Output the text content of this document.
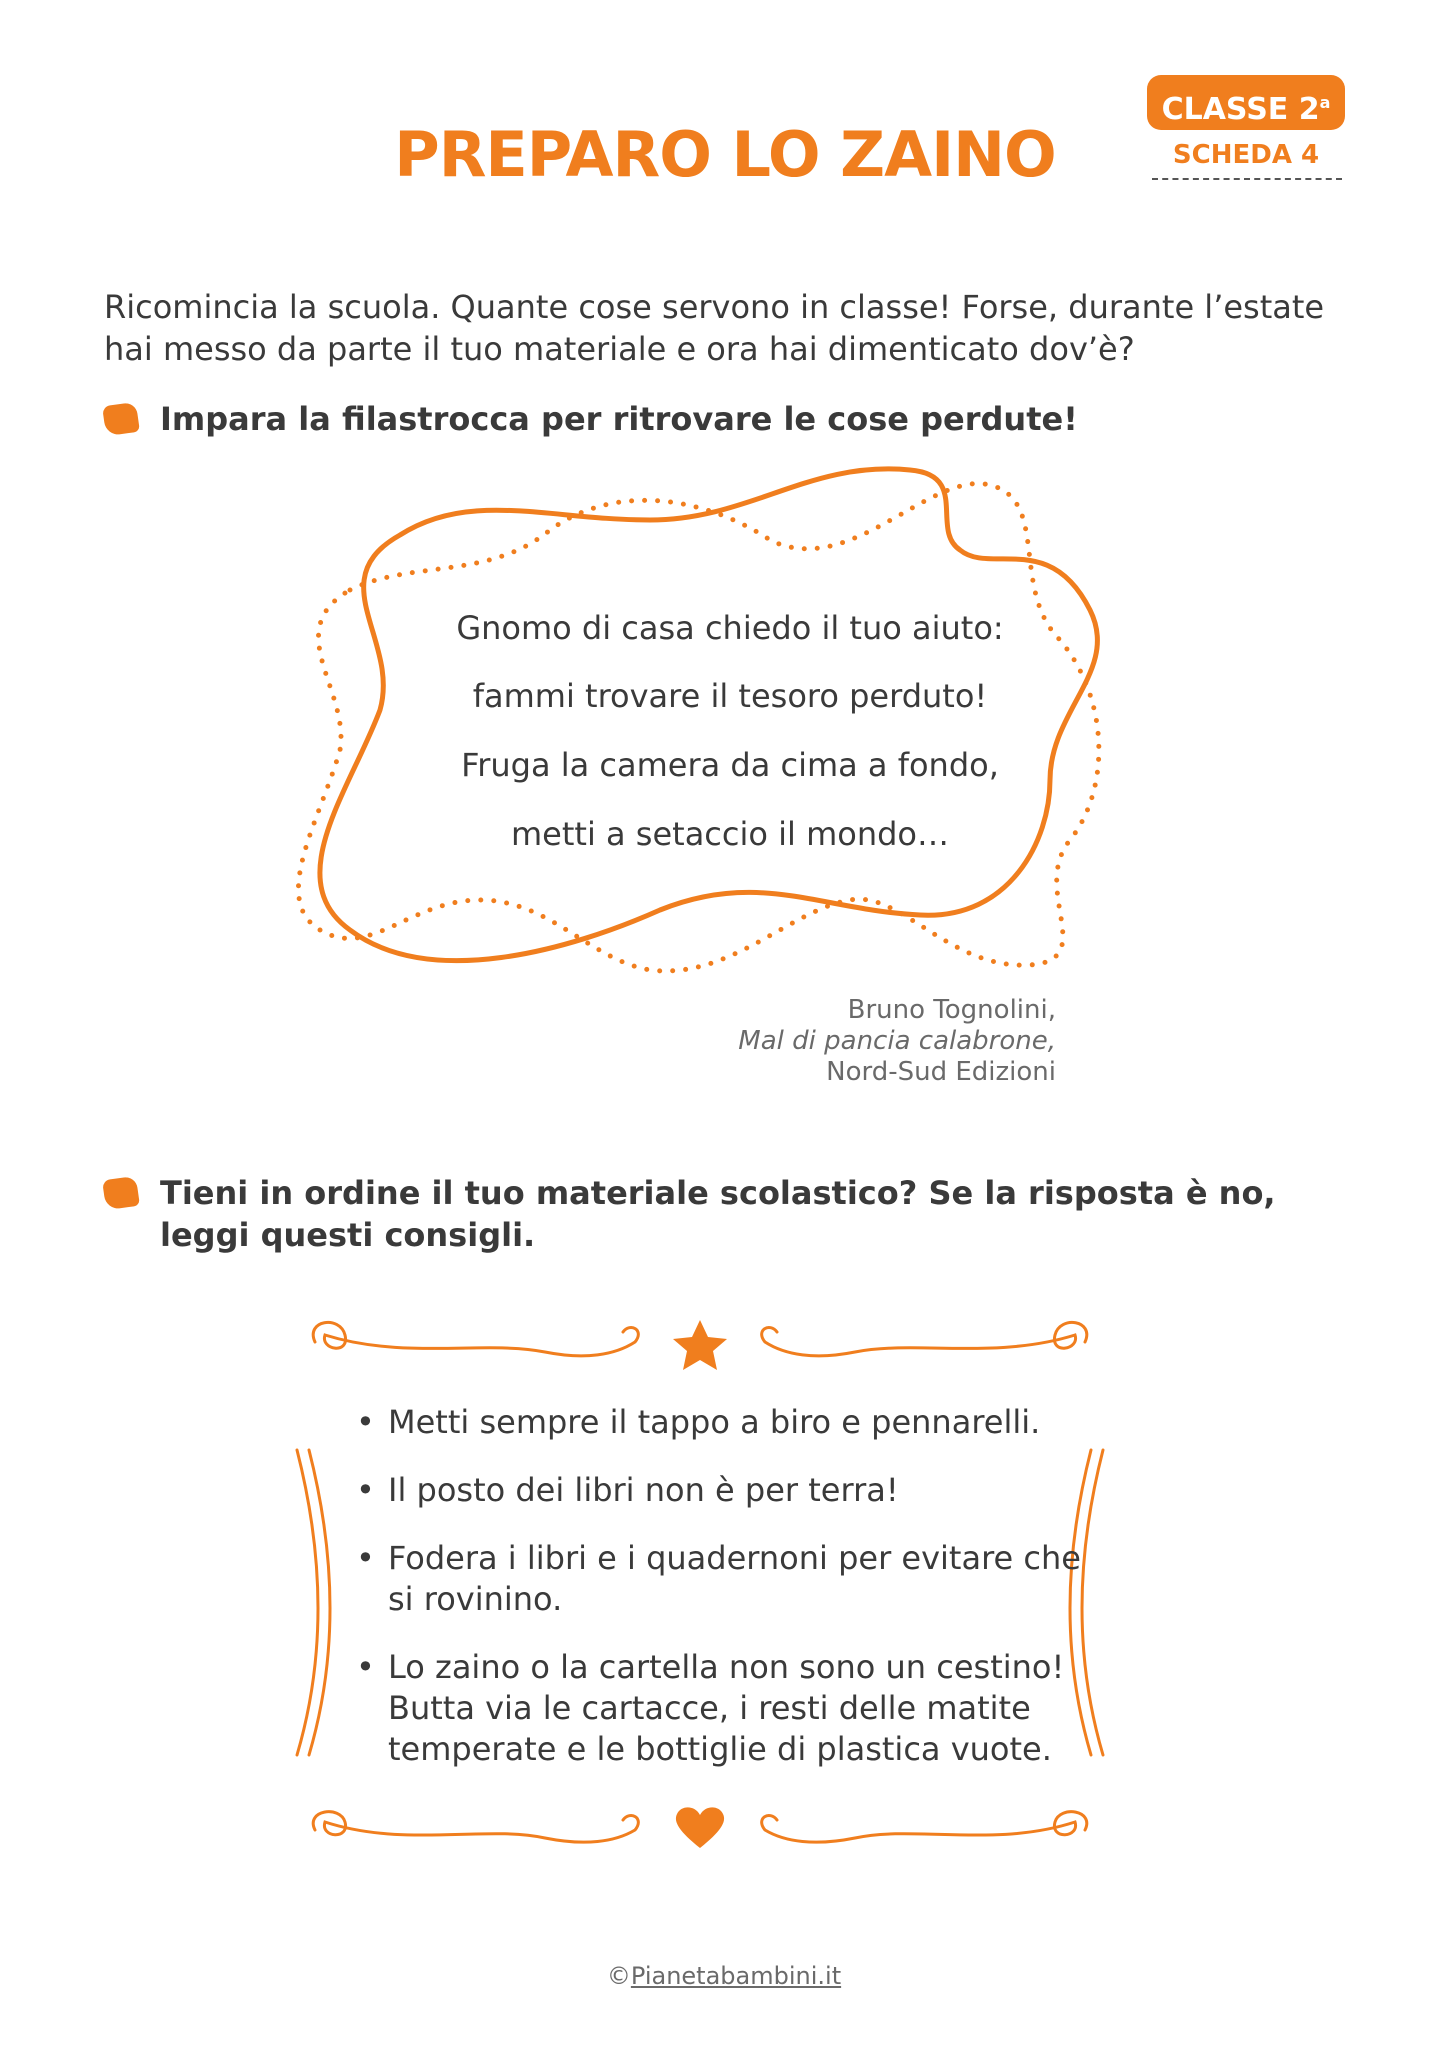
PREPARO LO ZAINO
CLASSE 2$^a$
SCHEDA 4
Ricomincia la scuola. Quante cose servono in classe! Forse, durante l’estate hai messo da parte il tuo materiale e ora hai dimenticato dov’è?
Impara la filastrocca per ritrovare le cose perdute!
Gnomo di casa chiedo il tuo aiuto:
fammi trovare il tesoro perduto!
Fruga la camera da cima a fondo,
metti a setaccio il mondo…
Bruno Tognolini,
Mal di pancia calabrone,
Nord-Sud Edizioni
Tieni in ordine il tuo materiale scolastico? Se la risposta è no, leggi questi consigli.
• Metti sempre il tappo a biro e pennarelli.
• Il posto dei libri non è per terra!
• Fodera i libri e i quadernoni per evitare che si rovinino.
• Lo zaino o la cartella non sono un cestino! Butta via le cartacce, i resti delle matite temperate e le bottiglie di plastica vuote.
©Pianetabambini.it
